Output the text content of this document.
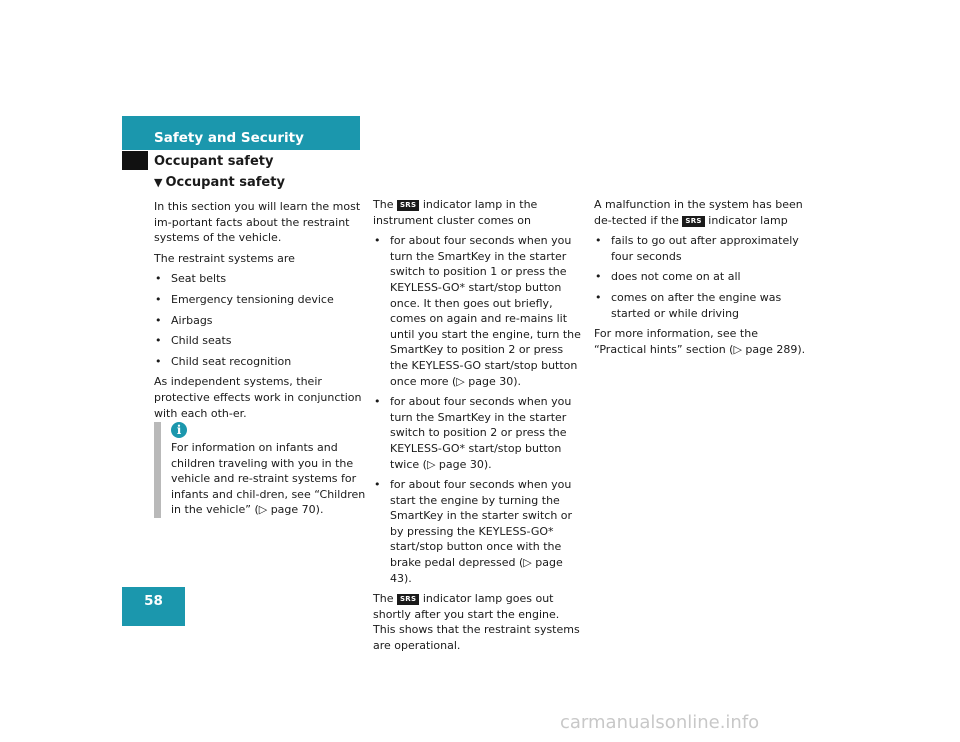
Safety and Security
Occupant safety
▼ Occupant safety

In this section you will learn the most im-portant facts about the restraint systems of the vehicle.

The restraint systems are

• Seat belts
• Emergency tensioning device
• Airbags
• Child seats
• Child seat recognition

As independent systems, their protective effects work in conjunction with each oth-er.

i
For information on infants and children traveling with you in the vehicle and re-straint systems for infants and chil-dren, see “Children in the vehicle” (▷ page 70).

The SRS indicator lamp in the instrument cluster comes on

• for about four seconds when you turn the SmartKey in the starter switch to position 1 or press the KEYLESS-GO* start/stop button once. It then goes out briefly, comes on again and re-mains lit until you start the engine, turn the SmartKey to position 2 or press the KEYLESS-GO start/stop button once more (▷ page 30).
• for about four seconds when you turn the SmartKey in the starter switch to position 2 or press the KEYLESS-GO* start/stop button twice (▷ page 30).
• for about four seconds when you start the engine by turning the SmartKey in the starter switch or by pressing the KEYLESS-GO* start/stop button once with the brake pedal depressed (▷ page 43).

The SRS indicator lamp goes out shortly after you start the engine. This shows that the restraint systems are operational.

A malfunction in the system has been de-tected if the SRS indicator lamp

• fails to go out after approximately four seconds
• does not come on at all
• comes on after the engine was started or while driving

For more information, see the “Practical hints” section (▷ page 289).

58
carmanualsonline.info
